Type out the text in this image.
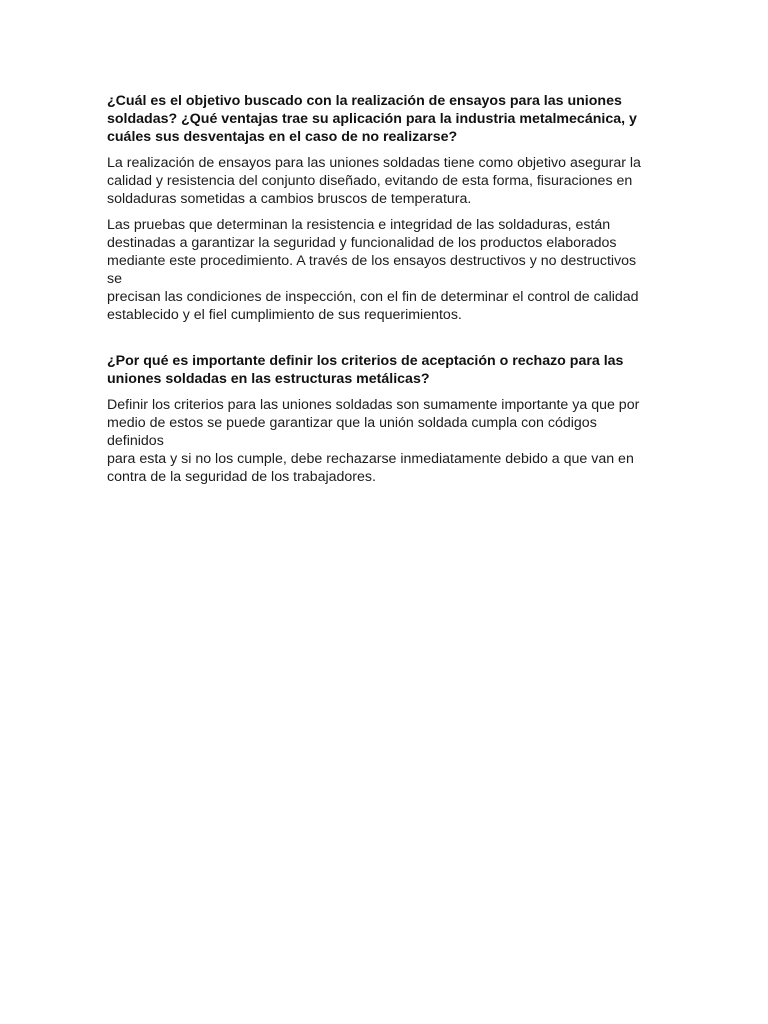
¿Cuál es el objetivo buscado con la realización de ensayos para las uniones
soldadas? ¿Qué ventajas trae su aplicación para la industria metalmecánica, y
cuáles sus desventajas en el caso de no realizarse?

La realización de ensayos para las uniones soldadas tiene como objetivo asegurar la
calidad y resistencia del conjunto diseñado, evitando de esta forma, fisuraciones en
soldaduras sometidas a cambios bruscos de temperatura.

Las pruebas que determinan la resistencia e integridad de las soldaduras, están
destinadas a garantizar la seguridad y funcionalidad de los productos elaborados
mediante este procedimiento. A través de los ensayos destructivos y no destructivos se
precisan las condiciones de inspección, con el fin de determinar el control de calidad
establecido y el fiel cumplimiento de sus requerimientos.

¿Por qué es importante definir los criterios de aceptación o rechazo para las
uniones soldadas en las estructuras metálicas?

Definir los criterios para las uniones soldadas son sumamente importante ya que por
medio de estos se puede garantizar que la unión soldada cumpla con códigos definidos
para esta y si no los cumple, debe rechazarse inmediatamente debido a que van en
contra de la seguridad de los trabajadores.
